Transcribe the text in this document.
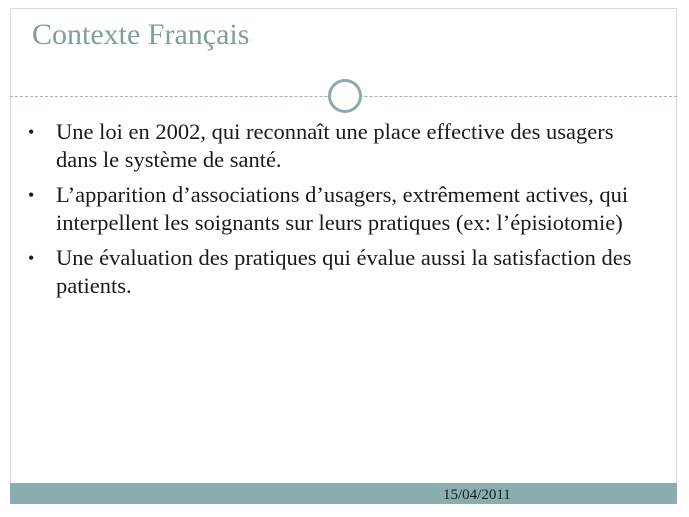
Contexte Français
• Une loi en 2002, qui reconnaît une place effective des usagers dans le système de santé.
• L’apparition d’associations d’usagers, extrêmement actives, qui interpellent les soignants sur leurs pratiques (ex: l’épisiotomie)
• Une évaluation des pratiques qui évalue aussi la satisfaction des patients.
15/04/2011
